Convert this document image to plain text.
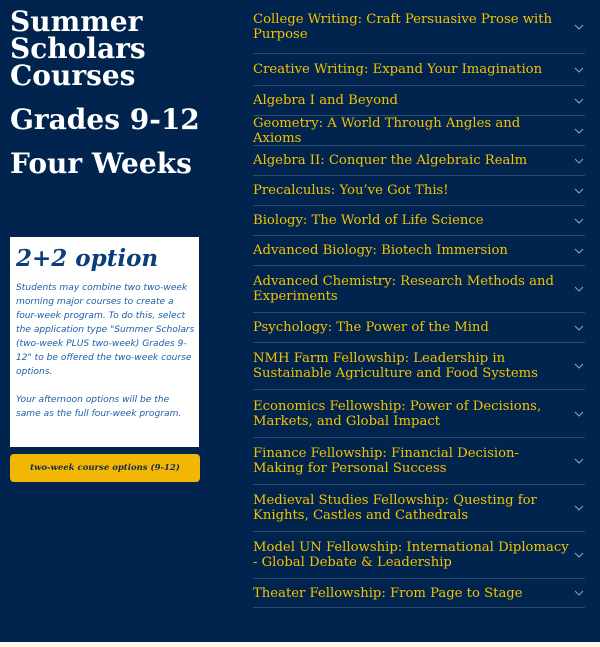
Summer Scholars Courses
Grades 9-12
Four Weeks
2+2 option

Students may combine two two-week morning major courses to create a four-week program. To do this, select the application type "Summer Scholars (two-week PLUS two-week) Grades 9-12" to be offered the two-week course options.

Your afternoon options will be the same as the full four-week program.

two-week course options (9-12)
College Writing: Craft Persuasive Prose with Purpose
Creative Writing: Expand Your Imagination
Algebra I and Beyond
Geometry: A World Through Angles and Axioms
Algebra II: Conquer the Algebraic Realm
Precalculus: You’ve Got This!
Biology: The World of Life Science
Advanced Biology: Biotech Immersion
Advanced Chemistry: Research Methods and Experiments
Psychology: The Power of the Mind
NMH Farm Fellowship: Leadership in Sustainable Agriculture and Food Systems
Economics Fellowship: Power of Decisions, Markets, and Global Impact
Finance Fellowship: Financial Decision-Making for Personal Success
Medieval Studies Fellowship: Questing for Knights, Castles and Cathedrals
Model UN Fellowship: International Diplomacy - Global Debate & Leadership
Theater Fellowship: From Page to Stage
